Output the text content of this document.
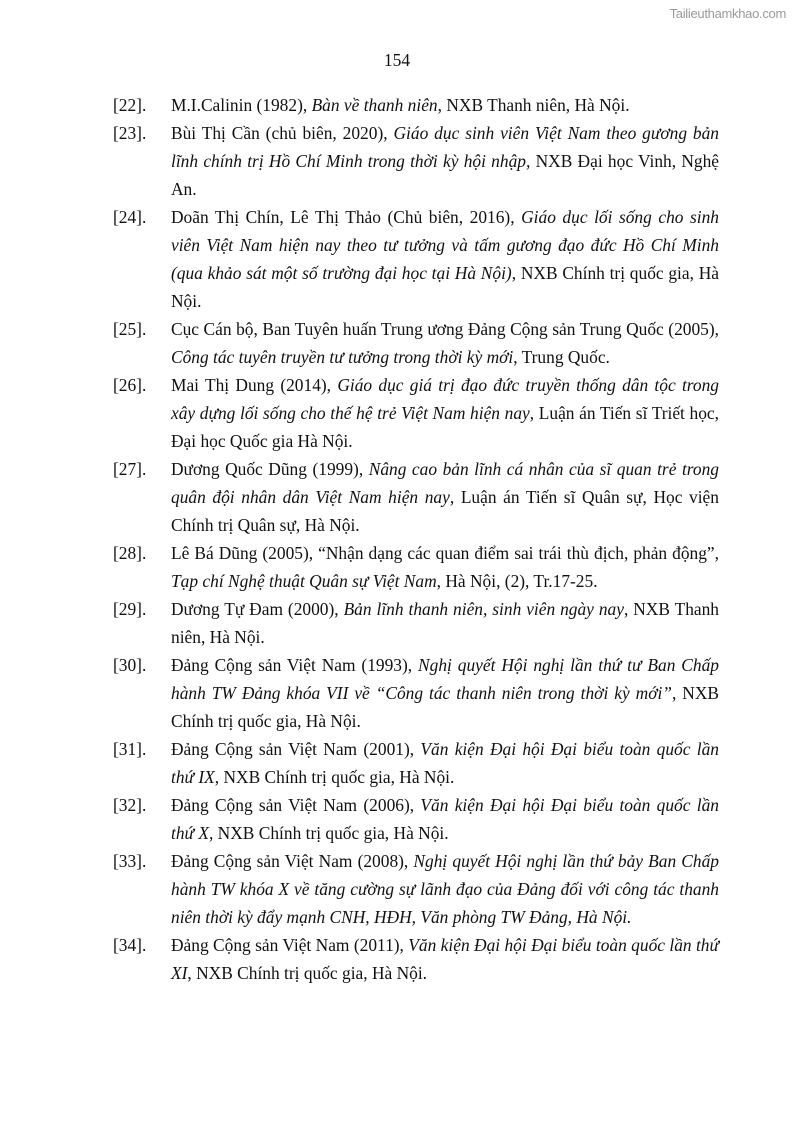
Tailieuthamkhao.com
154
[22].	M.I.Calinin (1982), Bàn về thanh niên, NXB Thanh niên, Hà Nội.
[23].	Bùi Thị Cần (chủ biên, 2020), Giáo dục sinh viên Việt Nam theo gương bản lĩnh chính trị Hồ Chí Minh trong thời kỳ hội nhập, NXB Đại học Vinh, Nghệ An.
[24].	Doãn Thị Chín, Lê Thị Thảo (Chủ biên, 2016), Giáo dục lối sống cho sinh viên Việt Nam hiện nay theo tư tưởng và tấm gương đạo đức Hồ Chí Minh (qua khảo sát một số trường đại học tại Hà Nội), NXB Chính trị quốc gia, Hà Nội.
[25].	Cục Cán bộ, Ban Tuyên huấn Trung ương Đảng Cộng sản Trung Quốc (2005), Công tác tuyên truyền tư tưởng trong thời kỳ mới, Trung Quốc.
[26].	Mai Thị Dung (2014), Giáo dục giá trị đạo đức truyền thống dân tộc trong xây dựng lối sống cho thế hệ trẻ Việt Nam hiện nay, Luận án Tiến sĩ Triết học, Đại học Quốc gia Hà Nội.
[27].	Dương Quốc Dũng (1999), Nâng cao bản lĩnh cá nhân của sĩ quan trẻ trong quân đội nhân dân Việt Nam hiện nay, Luận án Tiến sĩ Quân sự, Học viện Chính trị Quân sự, Hà Nội.
[28].	Lê Bá Dũng (2005), “Nhận dạng các quan điểm sai trái thù địch, phản động”, Tạp chí Nghệ thuật Quân sự Việt Nam, Hà Nội, (2), Tr.17-25.
[29].	Dương Tự Đam (2000), Bản lĩnh thanh niên, sinh viên ngày nay, NXB Thanh niên, Hà Nội.
[30].	Đảng Cộng sản Việt Nam (1993), Nghị quyết Hội nghị lần thứ tư Ban Chấp hành TW Đảng khóa VII về “Công tác thanh niên trong thời kỳ mới”, NXB Chính trị quốc gia, Hà Nội.
[31].	Đảng Cộng sản Việt Nam (2001), Văn kiện Đại hội Đại biểu toàn quốc lần thứ IX, NXB Chính trị quốc gia, Hà Nội.
[32].	Đảng Cộng sản Việt Nam (2006), Văn kiện Đại hội Đại biểu toàn quốc lần thứ X, NXB Chính trị quốc gia, Hà Nội.
[33].	Đảng Cộng sản Việt Nam (2008), Nghị quyết Hội nghị lần thứ bảy Ban Chấp hành TW khóa X về tăng cường sự lãnh đạo của Đảng đối với công tác thanh niên thời kỳ đẩy mạnh CNH, HĐH, Văn phòng TW Đảng, Hà Nội.
[34].	Đảng Cộng sản Việt Nam (2011), Văn kiện Đại hội Đại biểu toàn quốc lần thứ XI, NXB Chính trị quốc gia, Hà Nội.
